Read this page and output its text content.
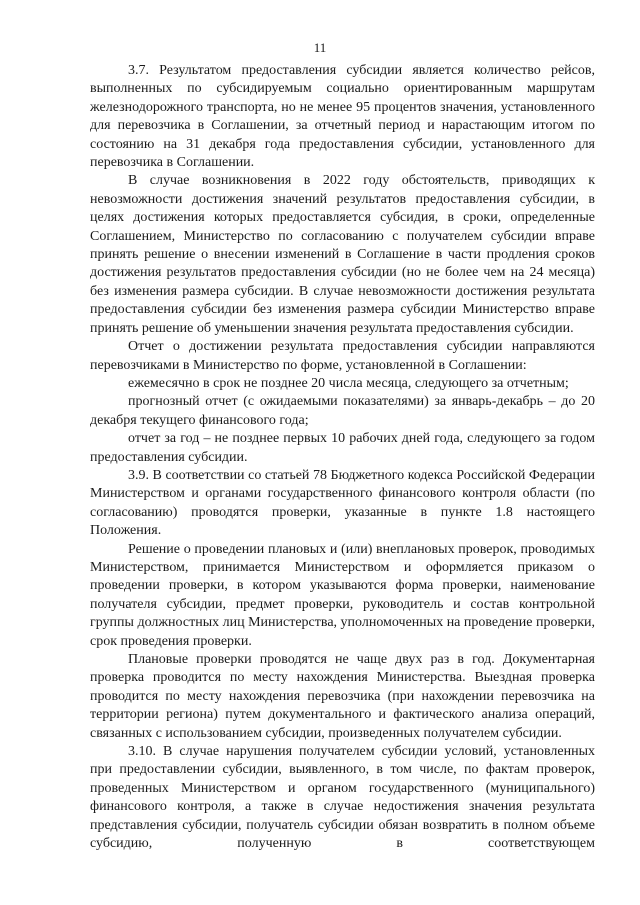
11

3.7. Результатом предоставления субсидии является количество рейсов, выполненных по субсидируемым социально ориентированным маршрутам железнодорожного транспорта, но не менее 95 процентов значения, установленного для перевозчика в Соглашении, за отчетный период и нарастающим итогом по состоянию на 31 декабря года предоставления субсидии, установленного для перевозчика в Соглашении.

В случае возникновения в 2022 году обстоятельств, приводящих к невозможности достижения значений результатов предоставления субсидии, в целях достижения которых предоставляется субсидия, в сроки, определенные Соглашением, Министерство по согласованию с получателем субсидии вправе принять решение о внесении изменений в Соглашение в части продления сроков достижения результатов предоставления субсидии (но не более чем на 24 месяца) без изменения размера субсидии. В случае невозможности достижения результата предоставления субсидии без изменения размера субсидии Министерство вправе принять решение об уменьшении значения результата предоставления субсидии.

Отчет о достижении результата предоставления субсидии направляются перевозчиками в Министерство по форме, установленной в Соглашении:

ежемесячно в срок не позднее 20 числа месяца, следующего за отчетным;

прогнозный отчет (с ожидаемыми показателями) за январь-декабрь – до 20 декабря текущего финансового года;

отчет за год – не позднее первых 10 рабочих дней года, следующего за годом предоставления субсидии.

3.9. В соответствии со статьей 78 Бюджетного кодекса Российской Федерации Министерством и органами государственного финансового контроля области (по согласованию) проводятся проверки, указанные в пункте 1.8 настоящего Положения.

Решение о проведении плановых и (или) внеплановых проверок, проводимых Министерством, принимается Министерством и оформляется приказом о проведении проверки, в котором указываются форма проверки, наименование получателя субсидии, предмет проверки, руководитель и состав контрольной группы должностных лиц Министерства, уполномоченных на проведение проверки, срок проведения проверки.

Плановые проверки проводятся не чаще двух раз в год. Документарная проверка проводится по месту нахождения Министерства. Выездная проверка проводится по месту нахождения перевозчика (при нахождении перевозчика на территории региона) путем документального и фактического анализа операций, связанных с использованием субсидии, произведенных получателем субсидии.

3.10. В случае нарушения получателем субсидии условий, установленных при предоставлении субсидии, выявленного, в том числе, по фактам проверок, проведенных Министерством и органом государственного (муниципального) финансового контроля, а также в случае недостижения значения результата представления субсидии, получатель субсидии обязан возвратить в полном объеме субсидию, полученную в соответствующем
